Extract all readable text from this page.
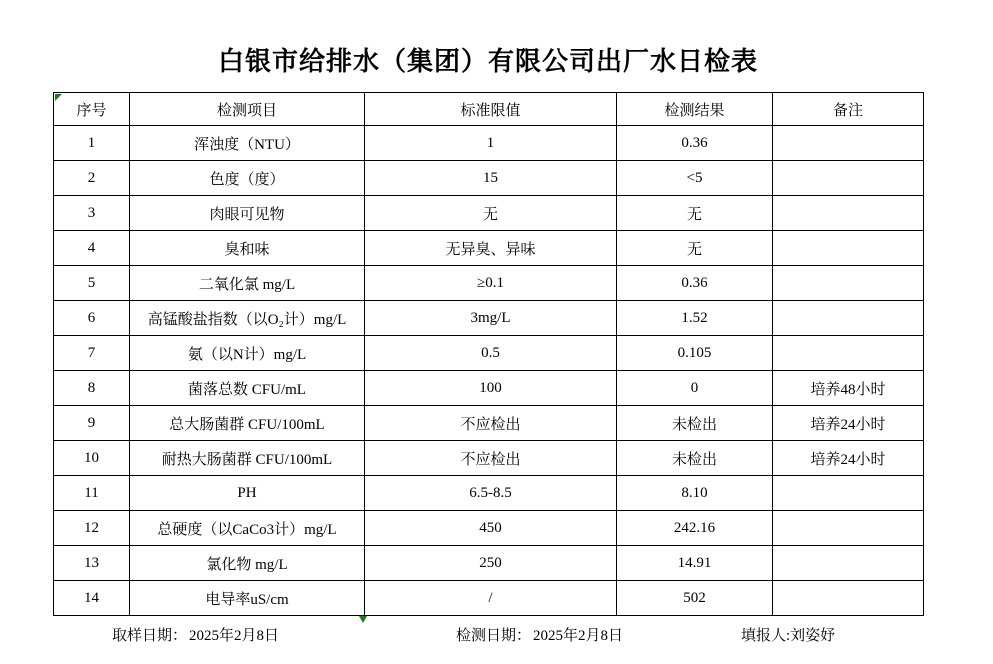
白银市给排水（集团）有限公司出厂水日检表
序号	检测项目	标准限值	检测结果	备注
1	浑浊度（NTU）	1	0.36	
2	色度（度）	15	<5	
3	肉眼可见物	无	无	
4	臭和味	无异臭、异味	无	
5	二氧化氯 mg/L	≥0.1	0.36	
6	高锰酸盐指数（以O₂计）mg/L	3mg/L	1.52	
7	氨（以N计）mg/L	0.5	0.105	
8	菌落总数 CFU/mL	100	0	培养48小时
9	总大肠菌群 CFU/100mL	不应检出	未检出	培养24小时
10	耐热大肠菌群 CFU/100mL	不应检出	未检出	培养24小时
11	PH	6.5-8.5	8.10	
12	总硬度（以CaCo3计）mg/L	450	242.16	
13	氯化物 mg/L	250	14.91	
14	电导率uS/cm	/	502	
取样日期： 2025年2月8日	检测日期： 2025年2月8日	填报人:刘姿妤
